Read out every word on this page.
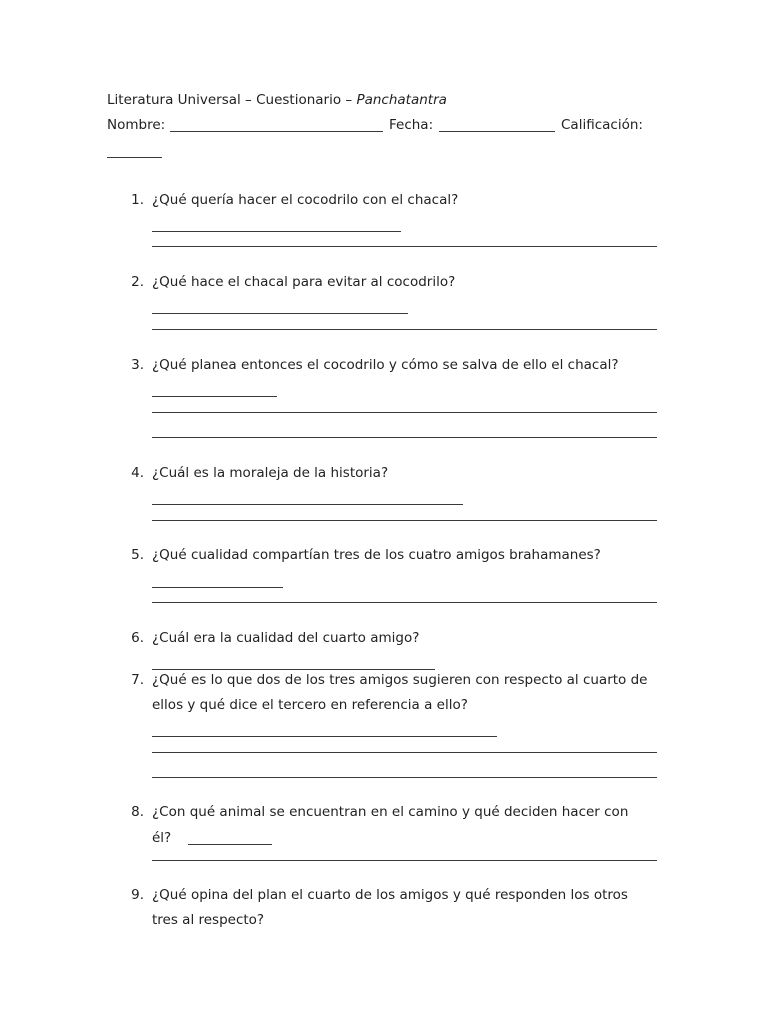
Literatura Universal – Cuestionario – Panchatantra
Nombre:	Fecha:	Calificación:
1. ¿Qué quería hacer el cocodrilo con el chacal?
2. ¿Qué hace el chacal para evitar al cocodrilo?
3. ¿Qué planea entonces el cocodrilo y cómo se salva de ello el chacal?
4. ¿Cuál es la moraleja de la historia?
5. ¿Qué cualidad compartían tres de los cuatro amigos brahamanes?
6. ¿Cuál era la cualidad del cuarto amigo?
7. ¿Qué es lo que dos de los tres amigos sugieren con respecto al cuarto de
ellos y qué dice el tercero en referencia a ello?
8. ¿Con qué animal se encuentran en el camino y qué deciden hacer con
él?
9. ¿Qué opina del plan el cuarto de los amigos y qué responden los otros
tres al respecto?
